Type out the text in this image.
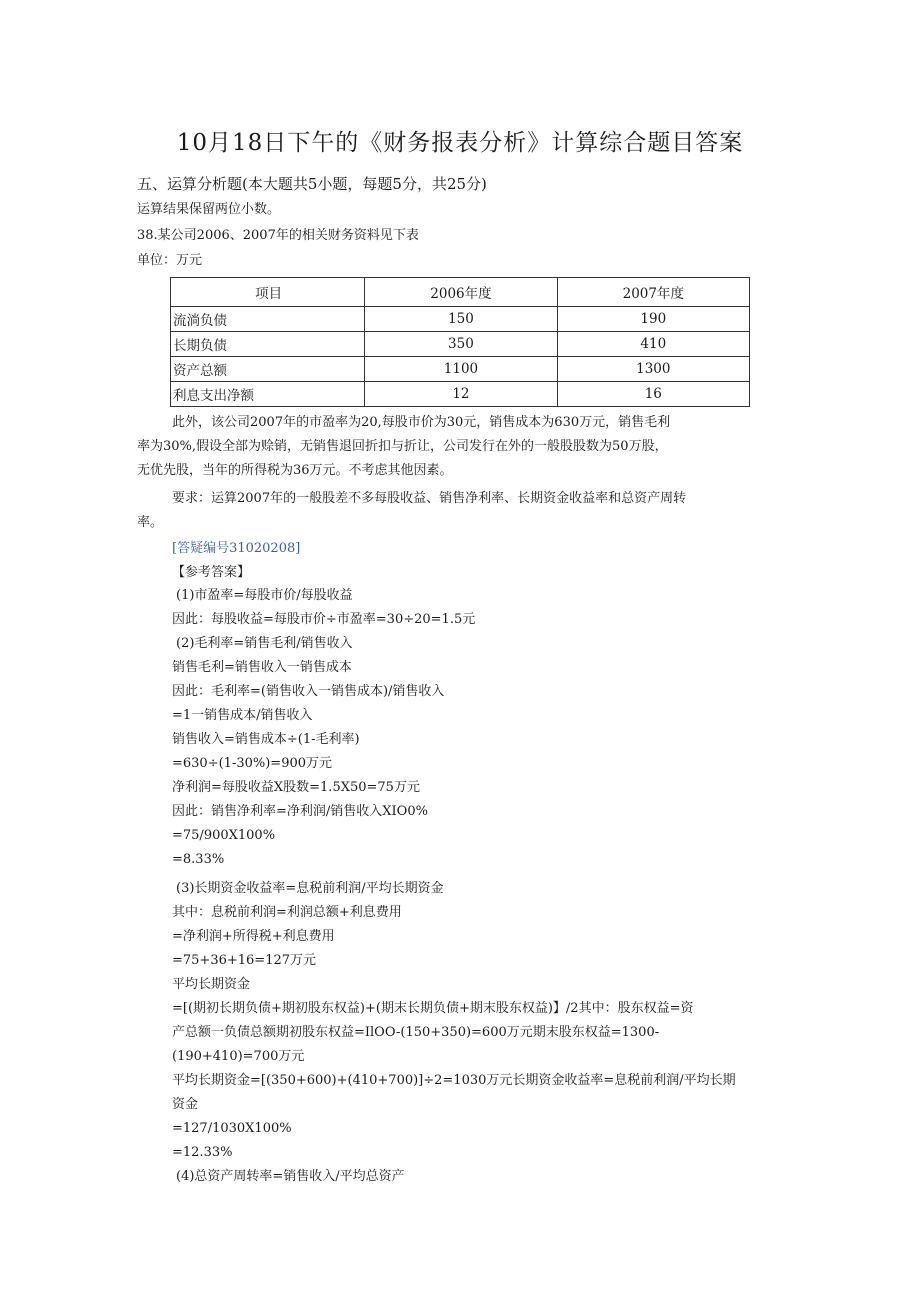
10月18日下午的《财务报表分析》计算综合题目答案
五、运算分析题(本大题共5小题，每题5分，共25分)
运算结果保留两位小数。
38.某公司2006、2007年的相关财务资料见下表
单位：万元
项目	2006年度	2007年度
流淌负债	150	190
长期负债	350	410
资产总额	1100	1300
利息支出净额	12	16
此外，该公司2007年的市盈率为20,每股市价为30元，销售成本为630万元，销售毛利
率为30%,假设全部为赊销，无销售退回折扣与折让，公司发行在外的一般股股数为50万股，
无优先股，当年的所得税为36万元。不考虑其他因素。
要求：运算2007年的一般股差不多每股收益、销售净利率、长期资金收益率和总资产周转
率。
[答疑编号31020208]
【参考答案】
(1)市盈率=每股市价/每股收益
因此：每股收益=每股市价÷市盈率=30÷20=1.5元
(2)毛利率=销售毛利/销售收入
销售毛利=销售收入一销售成本
因此：毛利率=(销售收入一销售成本)/销售收入
=1一销售成本/销售收入
销售收入=销售成本÷(1-毛利率)
=630÷(1-30%)=900万元
净利润=每股收益X股数=1.5X50=75万元
因此：销售净利率=净利润/销售收入XIO0%
=75/900X100%
=8.33%
(3)长期资金收益率=息税前利润/平均长期资金
其中：息税前利润=利润总额+利息费用
=净利润+所得税+利息费用
=75+36+16=127万元
平均长期资金
=[(期初长期负债+期初股东权益)+(期末长期负债+期末股东权益)】/2其中：股东权益=资
产总额一负债总额期初股东权益=IlOO-(150+350)=600万元期末股东权益=1300-
(190+410)=700万元
平均长期资金=[(350+600)+(410+700)]÷2=1030万元长期资金收益率=息税前利润/平均长期
资金
=127/1030X100%
=12.33%
(4)总资产周转率=销售收入/平均总资产
